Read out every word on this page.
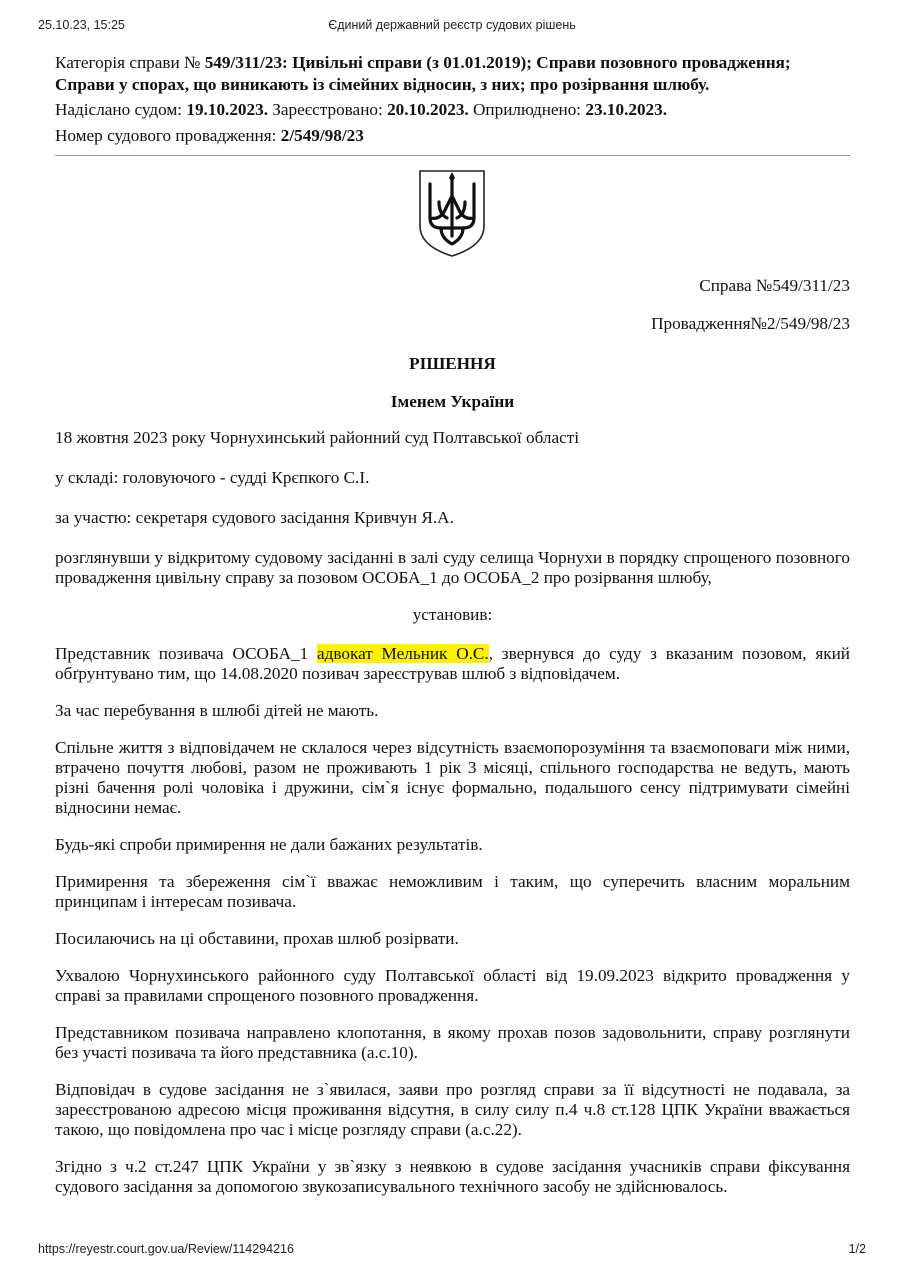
25.10.23, 15:25	Єдиний державний реєстр судових рішень

Категорія справи № 549/311/23: Цивільні справи (з 01.01.2019); Справи позовного провадження; Справи у спорах, що виникають із сімейних відносин, з них; про розірвання шлюбу.

Надіслано судом: 19.10.2023. Зареєстровано: 20.10.2023. Оприлюднено: 23.10.2023.

Номер судового провадження: 2/549/98/23

Справа №549/311/23
Провадження№2/549/98/23
РІШЕННЯ
Іменем України
18 жовтня 2023 року Чорнухинський районний суд Полтавської області
у складі: головуючого - судді Крєпкого С.І.
за участю: секретаря судового засідання Кривчун Я.А.
розглянувши у відкритому судовому засіданні в залі суду селища Чорнухи в порядку спрощеного позовного провадження цивільну справу за позовом ОСОБА_1 до ОСОБА_2 про розірвання шлюбу,
установив:
Представник позивача ОСОБА_1 адвокат Мельник О.С., звернувся до суду з вказаним позовом, який обґрунтувано тим, що 14.08.2020 позивач зареєстрував шлюб з відповідачем.
За час перебування в шлюбі дітей не мають.
Спільне життя з відповідачем не склалося через відсутність взаємопорозуміння та взаємоповаги між ними, втрачено почуття любові, разом не проживають 1 рік 3 місяці, спільного господарства не ведуть, мають різні бачення ролі чоловіка і дружини, сім`я існує формально, подальшого сенсу підтримувати сімейні відносини немає.
Будь-які спроби примирення не дали бажаних результатів.
Примирення та збереження сім`ї вважає неможливим і таким, що суперечить власним моральним принципам і інтересам позивача.
Посилаючись на ці обставини, прохав шлюб розірвати.
Ухвалою Чорнухинського районного суду Полтавської області від 19.09.2023 відкрито провадження у справі за правилами спрощеного позовного провадження.
Представником позивача направлено клопотання, в якому прохав позов задовольнити, справу розглянути без участі позивача та його представника (а.с.10).
Відповідач в судове засідання не з`явилася, заяви про розгляд справи за її відсутності не подавала, за зареєстрованою адресою місця проживання відсутня, в силу силу п.4 ч.8 ст.128 ЦПК України вважається такою, що повідомлена про час і місце розгляду справи (а.с.22).
Згідно з ч.2 ст.247 ЦПК України у зв`язку з неявкою в судове засідання учасників справи фіксування судового засідання за допомогою звукозаписувального технічного засобу не здійснювалось.
https://reyestr.court.gov.ua/Review/114294216	1/2
